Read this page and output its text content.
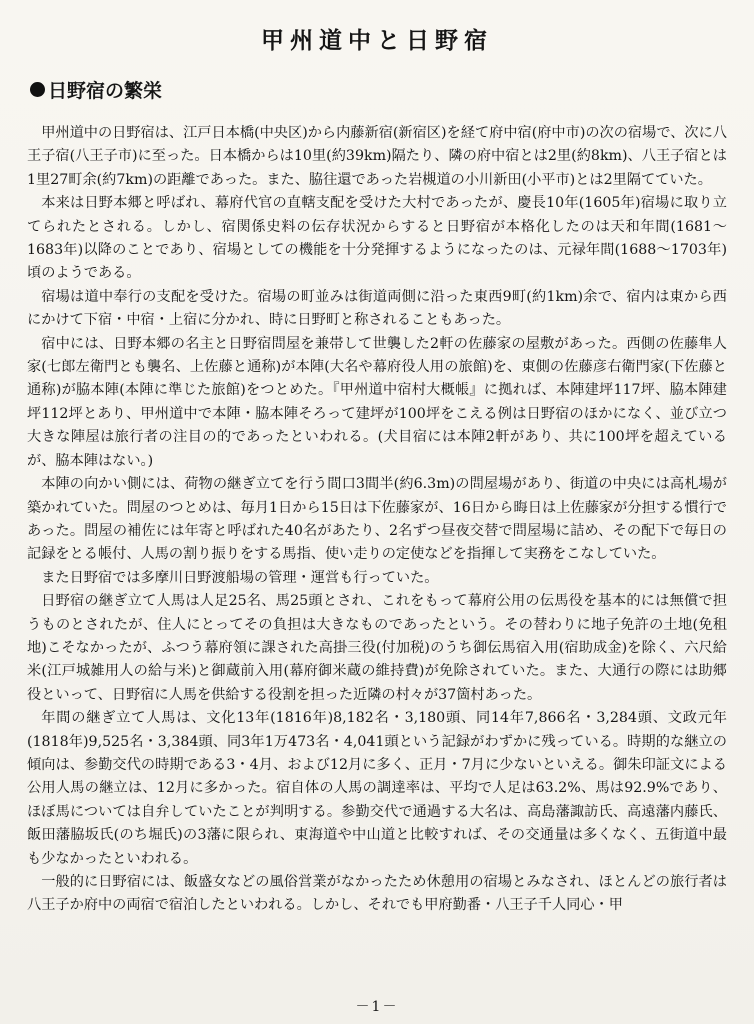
甲州道中と日野宿
日野宿の繁栄

甲州道中の日野宿は、江戸日本橋(中央区)から内藤新宿(新宿区)を経て府中宿(府中市)の次の宿場で、次に八王子宿(八王子市)に至った。日本橋からは10里(約39km)隔たり、隣の府中宿とは2里(約8km)、八王子宿とは1里27町余(約7km)の距離であった。また、脇往還であった岩槻道の小川新田(小平市)とは2里隔てていた。

本来は日野本郷と呼ばれ、幕府代官の直轄支配を受けた大村であったが、慶長10年(1605年)宿場に取り立てられたとされる。しかし、宿関係史料の伝存状況からすると日野宿が本格化したのは天和年間(1681～1683年)以降のことであり、宿場としての機能を十分発揮するようになったのは、元禄年間(1688～1703年)頃のようである。

宿場は道中奉行の支配を受けた。宿場の町並みは街道両側に沿った東西9町(約1km)余で、宿内は東から西にかけて下宿・中宿・上宿に分かれ、時に日野町と称されることもあった。

宿中には、日野本郷の名主と日野宿問屋を兼帯して世襲した2軒の佐藤家の屋敷があった。西側の佐藤隼人家(七郎左衛門とも襲名、上佐藤と通称)が本陣(大名や幕府役人用の旅館)を、東側の佐藤彦右衛門家(下佐藤と通称)が脇本陣(本陣に準じた旅館)をつとめた。『甲州道中宿村大概帳』に拠れば、本陣建坪117坪、脇本陣建坪112坪とあり、甲州道中で本陣・脇本陣そろって建坪が100坪をこえる例は日野宿のほかになく、並び立つ大きな陣屋は旅行者の注目の的であったといわれる。(犬目宿には本陣2軒があり、共に100坪を超えているが、脇本陣はない。)

本陣の向かい側には、荷物の継ぎ立てを行う間口3間半(約6.3m)の問屋場があり、街道の中央には高札場が築かれていた。問屋のつとめは、毎月1日から15日は下佐藤家が、16日から晦日は上佐藤家が分担する慣行であった。問屋の補佐には年寄と呼ばれた40名があたり、2名ずつ昼夜交替で問屋場に詰め、その配下で毎日の記録をとる帳付、人馬の割り振りをする馬指、使い走りの定使などを指揮して実務をこなしていた。

また日野宿では多摩川日野渡船場の管理・運営も行っていた。

日野宿の継ぎ立て人馬は人足25名、馬25頭とされ、これをもって幕府公用の伝馬役を基本的には無償で担うものとされたが、住人にとってその負担は大きなものであったという。その替わりに地子免許の土地(免租地)こそなかったが、ふつう幕府領に課された高掛三役(付加税)のうち御伝馬宿入用(宿助成金)を除く、六尺給米(江戸城雑用人の給与米)と御蔵前入用(幕府御米蔵の維持費)が免除されていた。また、大通行の際には助郷役といって、日野宿に人馬を供給する役割を担った近隣の村々が37箇村あった。

年間の継ぎ立て人馬は、文化13年(1816年)8,182名・3,180頭、同14年7,866名・3,284頭、文政元年(1818年)9,525名・3,384頭、同3年1万473名・4,041頭という記録がわずかに残っている。時期的な継立の傾向は、参勤交代の時期である3・4月、および12月に多く、正月・7月に少ないといえる。御朱印証文による公用人馬の継立は、12月に多かった。宿自体の人馬の調達率は、平均で人足は63.2%、馬は92.9%であり、ほぼ馬については自弁していたことが判明する。参勤交代で通過する大名は、高島藩諏訪氏、高遠藩内藤氏、飯田藩脇坂氏(のち堀氏)の3藩に限られ、東海道や中山道と比較すれば、その交通量は多くなく、五街道中最も少なかったといわれる。

一般的に日野宿には、飯盛女などの風俗営業がなかったため休憩用の宿場とみなされ、ほとんどの旅行者は八王子か府中の両宿で宿泊したといわれる。しかし、それでも甲府勤番・八王子千人同心・甲

－1－
